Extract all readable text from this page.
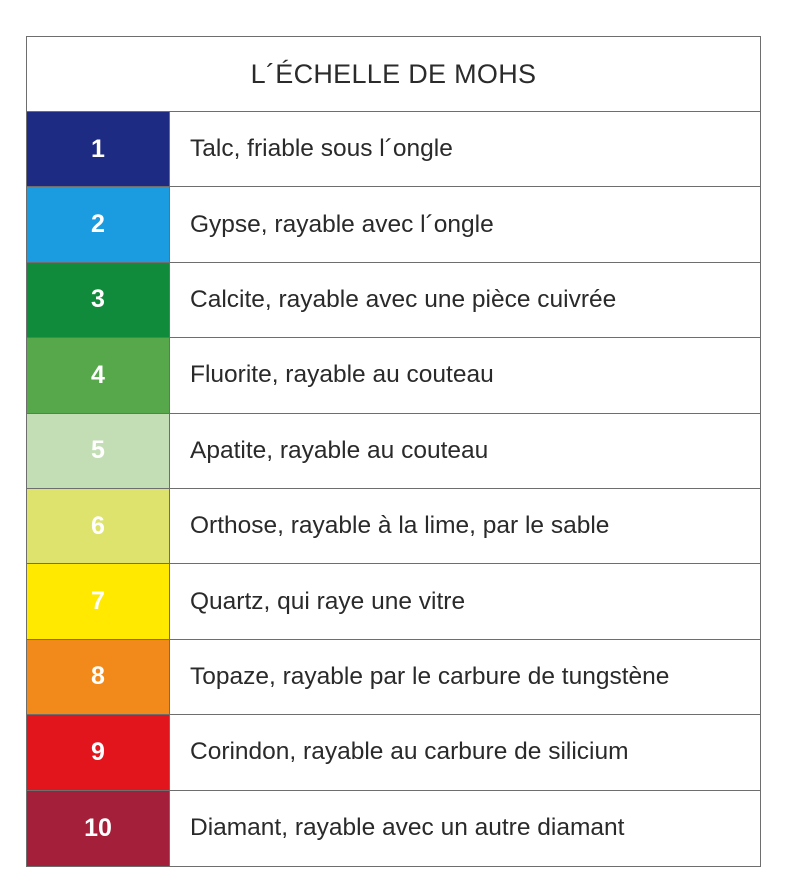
L´ÉCHELLE DE MOHS
1	Talc, friable sous l´ongle
2	Gypse, rayable avec l´ongle
3	Calcite, rayable avec une pièce cuivrée
4	Fluorite, rayable au couteau
5	Apatite, rayable au couteau
6	Orthose, rayable à la lime, par le sable
7	Quartz, qui raye une vitre
8	Topaze, rayable par le carbure de tungstène
9	Corindon, rayable au carbure de silicium
10	Diamant, rayable avec un autre diamant
